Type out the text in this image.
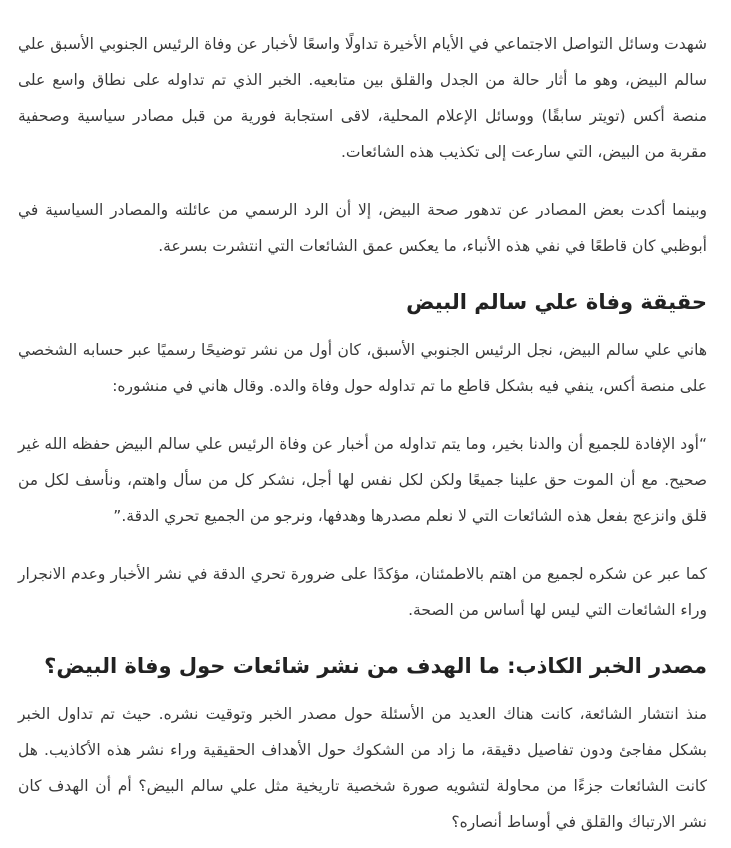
شهدت وسائل التواصل الاجتماعي في الأيام الأخيرة تداولًا واسعًا لأخبار عن وفاة الرئيس الجنوبي الأسبق علي سالم البيض، وهو ما أثار حالة من الجدل والقلق بين متابعيه. الخبر الذي تم تداوله على نطاق واسع على منصة أكس (تويتر سابقًا) ووسائل الإعلام المحلية، لاقى استجابة فورية من قبل مصادر سياسية وصحفية مقربة من البيض، التي سارعت إلى تكذيب هذه الشائعات.

وبينما أكدت بعض المصادر عن تدهور صحة البيض، إلا أن الرد الرسمي من عائلته والمصادر السياسية في أبوظبي كان قاطعًا في نفي هذه الأنباء، ما يعكس عمق الشائعات التي انتشرت بسرعة.

حقيقة وفاة علي سالم البيض

هاني علي سالم البيض، نجل الرئيس الجنوبي الأسبق، كان أول من نشر توضيحًا رسميًا عبر حسابه الشخصي على منصة أكس، ينفي فيه بشكل قاطع ما تم تداوله حول وفاة والده. وقال هاني في منشوره:

“أود الإفادة للجميع أن والدنا بخير، وما يتم تداوله من أخبار عن وفاة الرئيس علي سالم البيض حفظه الله غير صحيح. مع أن الموت حق علينا جميعًا ولكن لكل نفس لها أجل، نشكر كل من سأل واهتم، ونأسف لكل من قلق وانزعج بفعل هذه الشائعات التي لا نعلم مصدرها وهدفها، ونرجو من الجميع تحري الدقة.”

كما عبر عن شكره لجميع من اهتم بالاطمئنان، مؤكدًا على ضرورة تحري الدقة في نشر الأخبار وعدم الانجرار وراء الشائعات التي ليس لها أساس من الصحة.

مصدر الخبر الكاذب: ما الهدف من نشر شائعات حول وفاة البيض؟

منذ انتشار الشائعة، كانت هناك العديد من الأسئلة حول مصدر الخبر وتوقيت نشره. حيث تم تداول الخبر بشكل مفاجئ ودون تفاصيل دقيقة، ما زاد من الشكوك حول الأهداف الحقيقية وراء نشر هذه الأكاذيب. هل كانت الشائعات جزءًا من محاولة لتشويه صورة شخصية تاريخية مثل علي سالم البيض؟ أم أن الهدف كان نشر الارتباك والقلق في أوساط أنصاره؟
